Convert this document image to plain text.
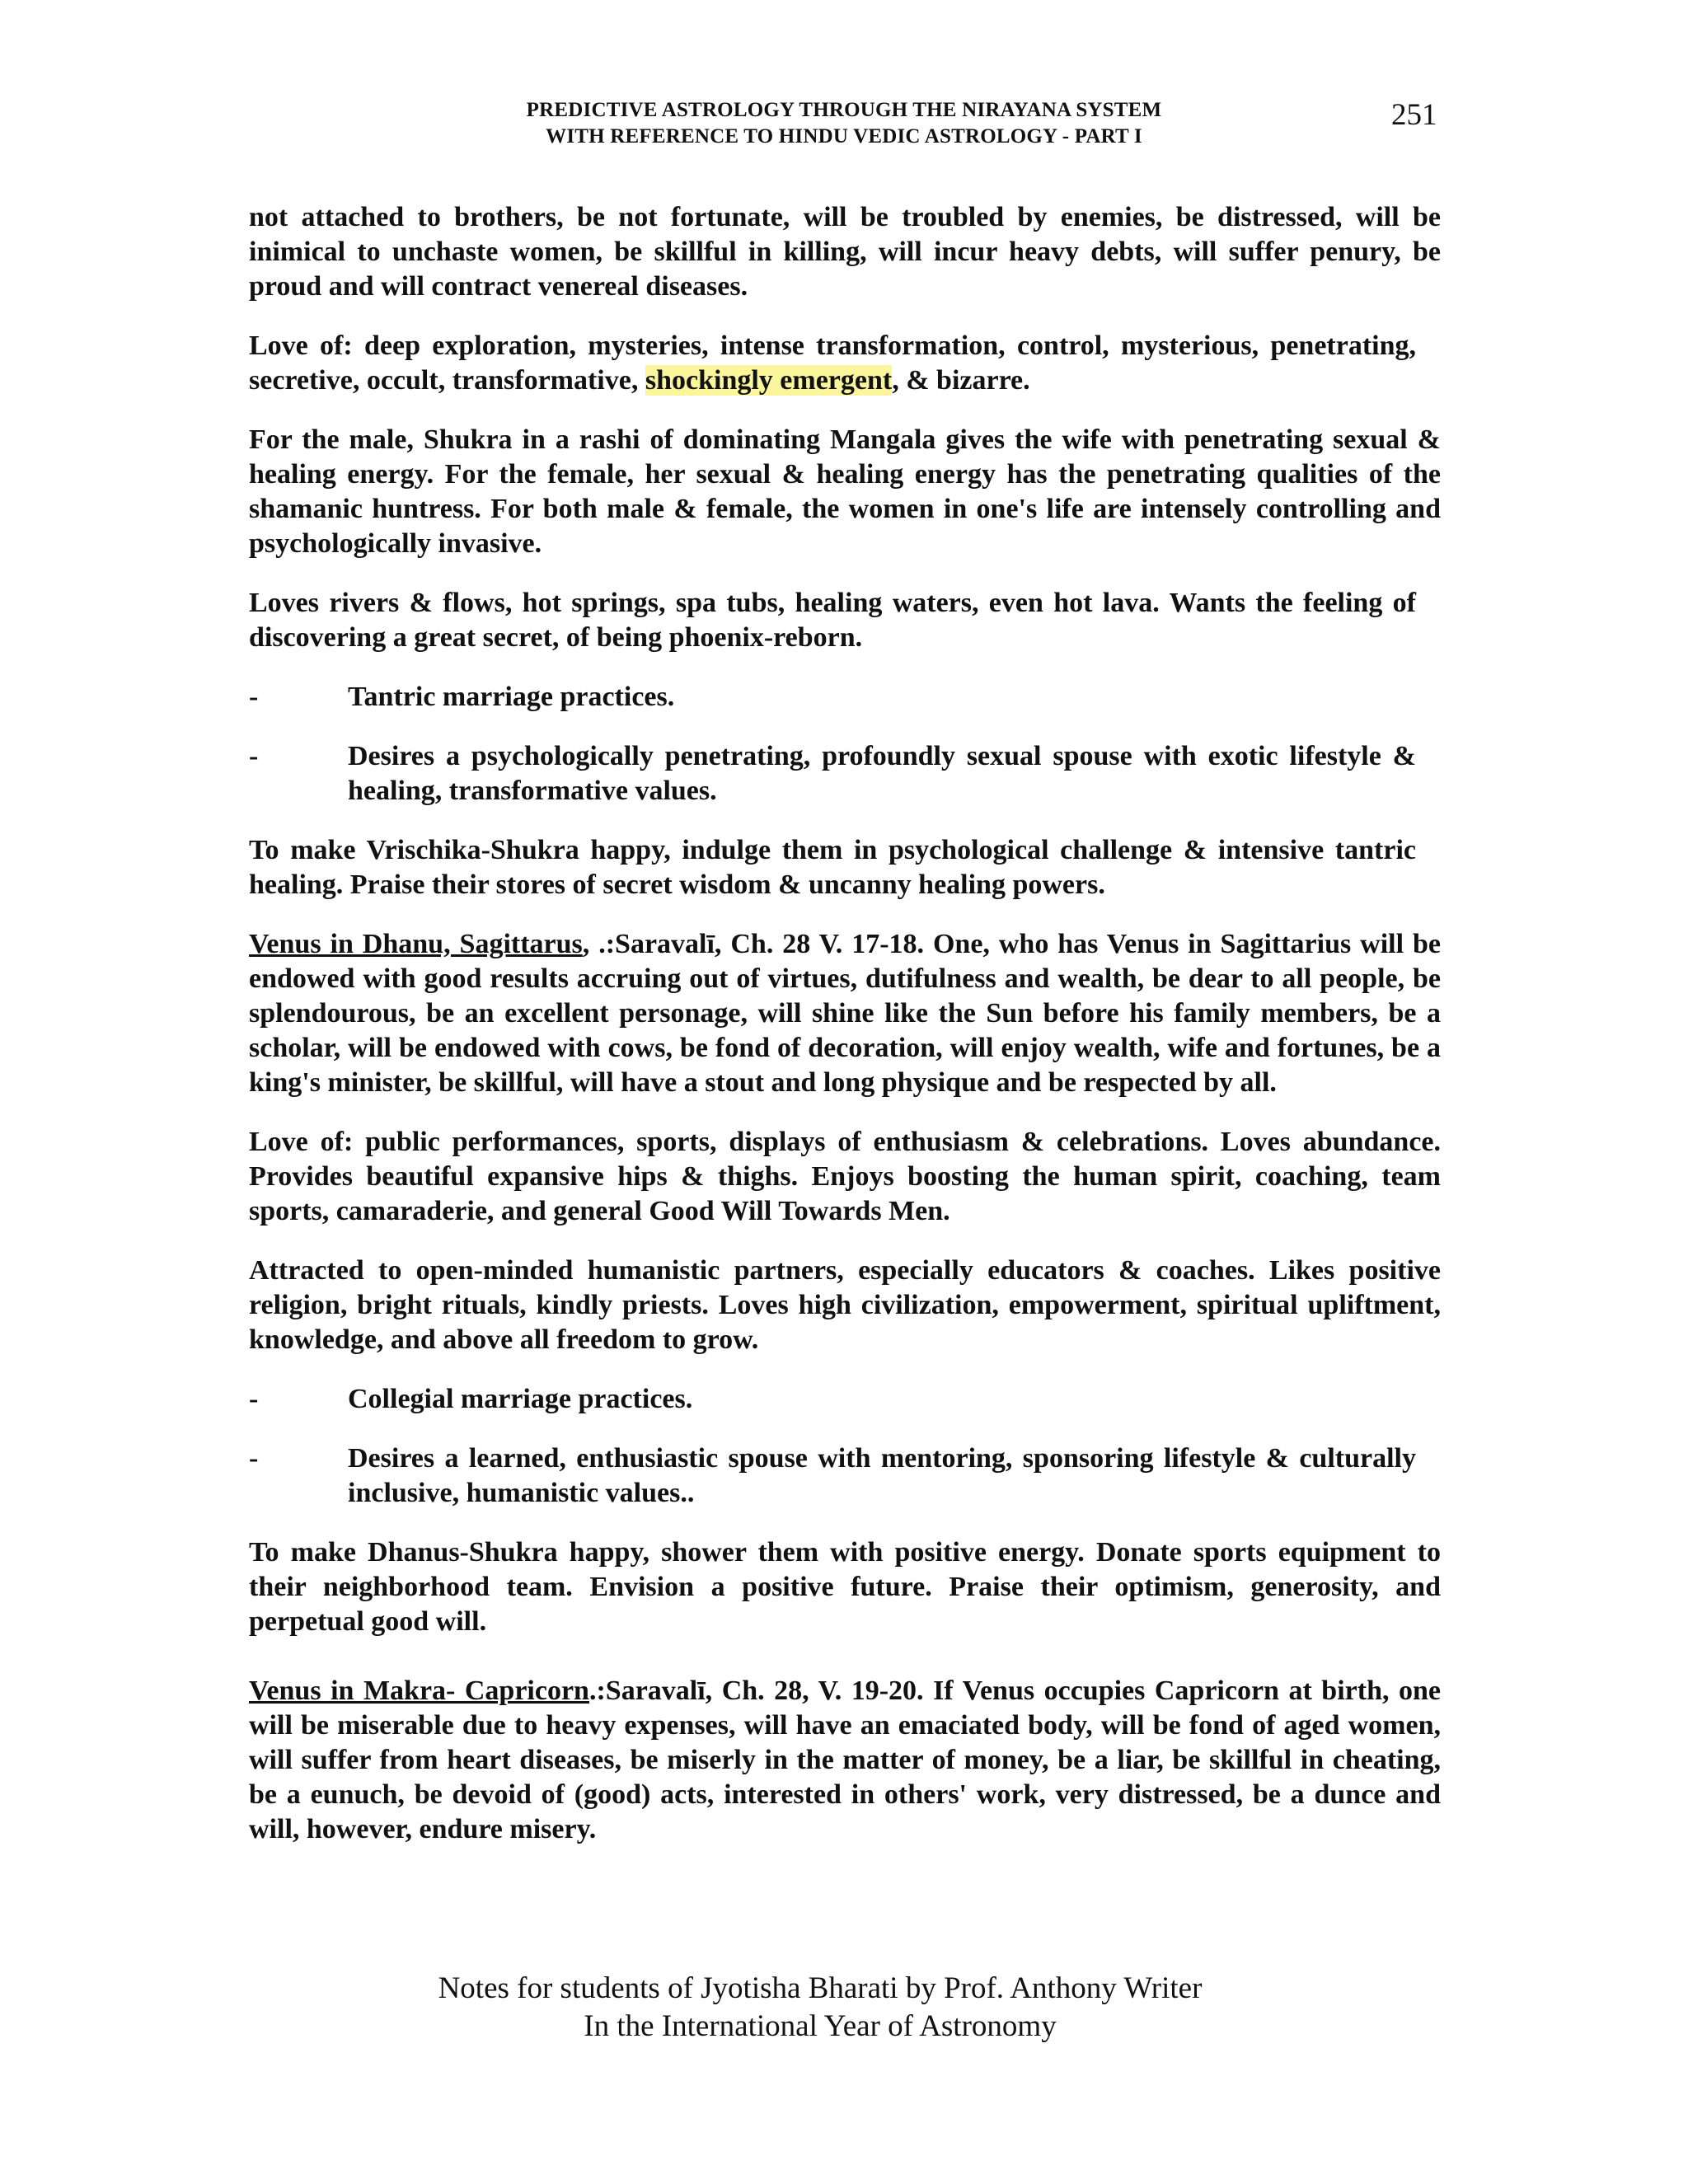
PREDICTIVE ASTROLOGY THROUGH THE NIRAYANA SYSTEM
WITH REFERENCE TO HINDU VEDIC ASTROLOGY - PART I
251

not attached to brothers, be not fortunate, will be troubled by enemies, be distressed, will be inimical to unchaste women, be skillful in killing, will incur heavy debts, will suffer penury, be proud and will contract venereal diseases.

Love of: deep exploration, mysteries, intense transformation, control, mysterious, penetrating, secretive, occult, transformative, shockingly emergent, & bizarre.

For the male, Shukra in a rashi of dominating Mangala gives the wife with penetrating sexual & healing energy. For the female, her sexual & healing energy has the penetrating qualities of the shamanic huntress. For both male & female, the women in one's life are intensely controlling and psychologically invasive.

Loves rivers & flows, hot springs, spa tubs, healing waters, even hot lava. Wants the feeling of discovering a great secret, of being phoenix-reborn.

-	Tantric marriage practices.
-	Desires a psychologically penetrating, profoundly sexual spouse with exotic lifestyle & healing, transformative values.

To make Vrischika-Shukra happy, indulge them in psychological challenge & intensive tantric healing. Praise their stores of secret wisdom & uncanny healing powers.

Venus in Dhanu, Sagittarus, .:Saravalī, Ch. 28 V. 17-18. One, who has Venus in Sagittarius will be endowed with good results accruing out of virtues, dutifulness and wealth, be dear to all people, be splendourous, be an excellent personage, will shine like the Sun before his family members, be a scholar, will be endowed with cows, be fond of decoration, will enjoy wealth, wife and fortunes, be a king's minister, be skillful, will have a stout and long physique and be respected by all.

Love of: public performances, sports, displays of enthusiasm & celebrations. Loves abundance. Provides beautiful expansive hips & thighs. Enjoys boosting the human spirit, coaching, team sports, camaraderie, and general Good Will Towards Men.

Attracted to open-minded humanistic partners, especially educators & coaches. Likes positive religion, bright rituals, kindly priests. Loves high civilization, empowerment, spiritual upliftment, knowledge, and above all freedom to grow.

-	Collegial marriage practices.
-	Desires a learned, enthusiastic spouse with mentoring, sponsoring lifestyle & culturally inclusive, humanistic values..

To make Dhanus-Shukra happy, shower them with positive energy. Donate sports equipment to their neighborhood team. Envision a positive future. Praise their optimism, generosity, and perpetual good will.

Venus in Makra- Capricorn.:Saravalī, Ch. 28, V. 19-20. If Venus occupies Capricorn at birth, one will be miserable due to heavy expenses, will have an emaciated body, will be fond of aged women, will suffer from heart diseases, be miserly in the matter of money, be a liar, be skillful in cheating, be a eunuch, be devoid of (good) acts, interested in others' work, very distressed, be a dunce and will, however, endure misery.

Notes for students of Jyotisha Bharati by Prof. Anthony Writer
In the International Year of Astronomy
